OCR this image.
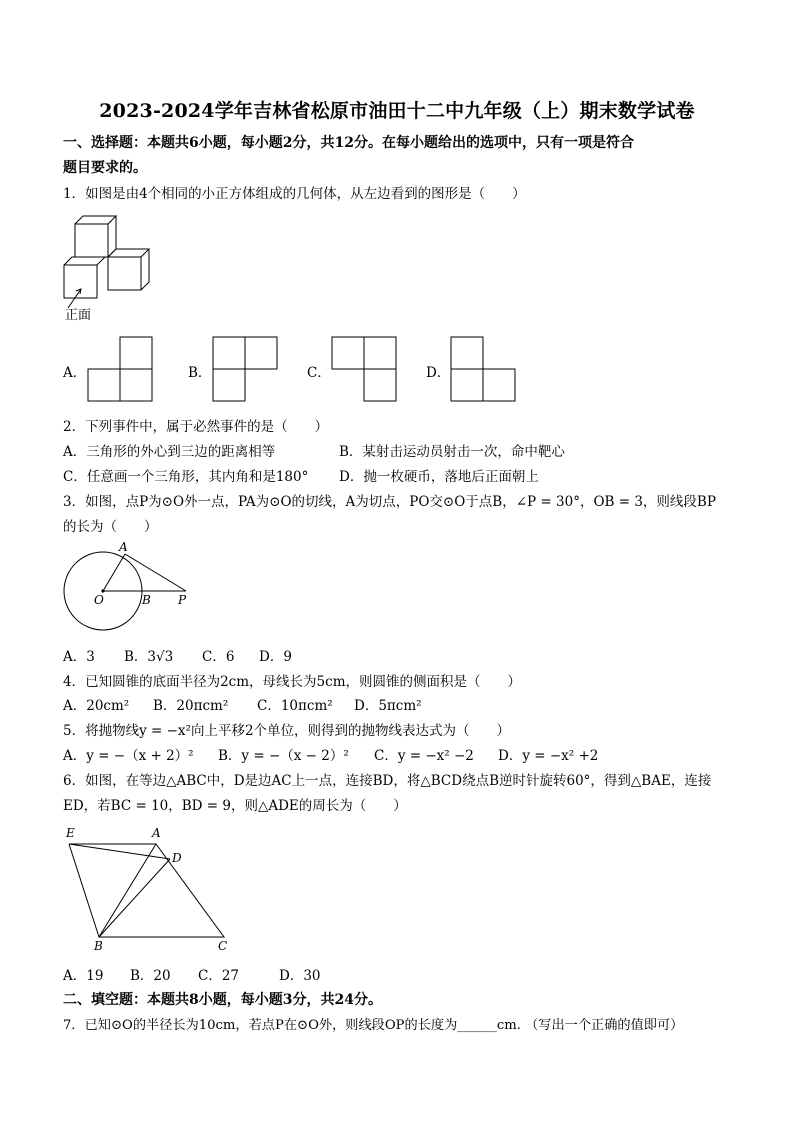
2023-2024学年吉林省松原市油田十二中九年级（上）期末数学试卷
一、选择题：本题共6小题，每小题2分，共12分。在每小题给出的选项中，只有一项是符合
题目要求的。
1．如图是由4个相同的小正方体组成的几何体，从左边看到的图形是（　　）
正面
A．	B．	C．	D．
2．下列事件中，属于必然事件的是（　　）
A．三角形的外心到三边的距离相等	B．某射击运动员射击一次，命中靶心
C．任意画一个三角形，其内角和是180° D．抛一枚硬币，落地后正面朝上
3．如图，点P为⊙O外一点，PA为⊙O的切线，A为切点，PO交⊙O于点B，∠P = 30°，OB = 3，则线段BP
的长为（　　）
A
O	B P
A．3 B．3√3 C．6 D．9
4．已知圆锥的底面半径为2cm，母线长为5cm，则圆锥的侧面积是（　　）
A．20cm² B．20πcm² C．10πcm² D．5πcm²
5．将抛物线y = −x²向上平移2个单位，则得到的抛物线表达式为（　　）
A．y = −（x + 2）² B．y = −（x − 2）² C．y = −x² −2 D．y = −x² +2
6．如图，在等边△ABC中，D是边AC上一点，连接BD，将△BCD绕点B逆时针旋转60°，得到△BAE，连接
ED，若BC = 10，BD = 9，则△ADE的周长为（　　）
E	A
D
B	C
A．19 B．20 C．27	D．30
二、填空题：本题共8小题，每小题3分，共24分。
7．已知⊙O的半径长为10cm，若点P在⊙O外，则线段OP的长度为______cm. （写出一个正确的值即可）
